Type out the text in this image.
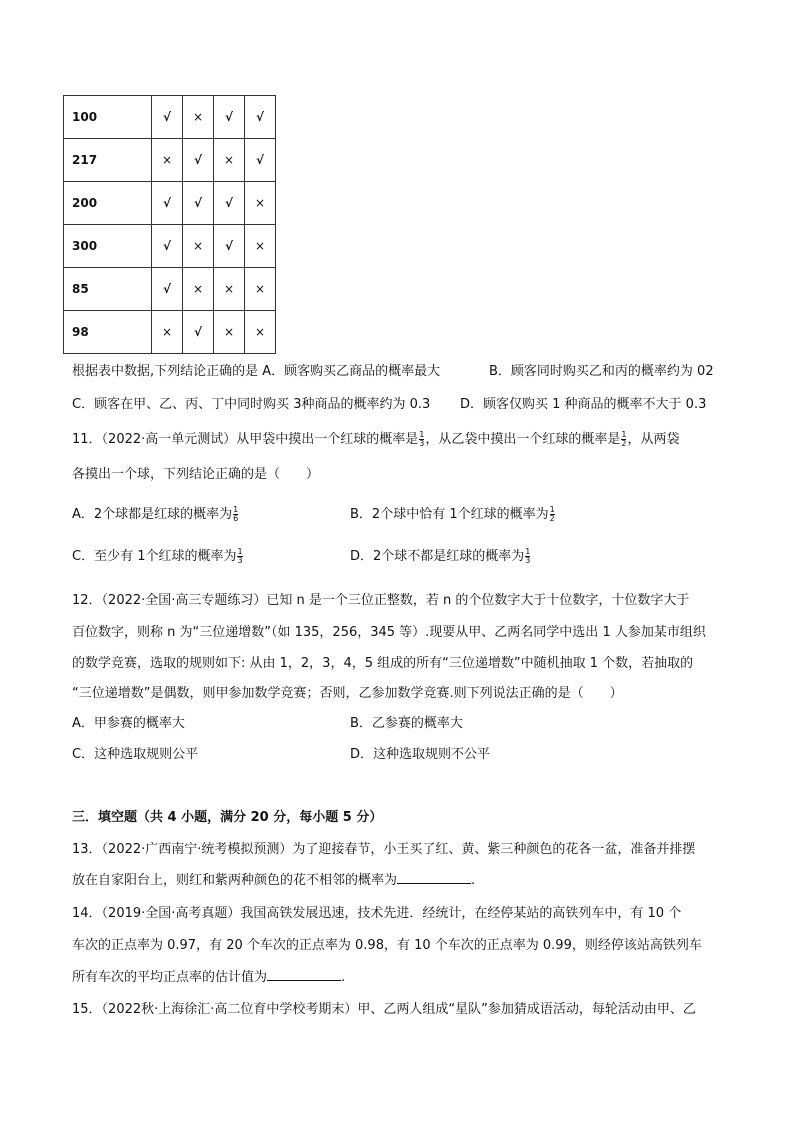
100	√	×	√	√
217	×	√	×	√
200	√	√	√	×
300	√	×	√	×
85	√	×	×	×
98	×	√	×	×
根据表中数据,下列结论正确的是 A．顾客购买乙商品的概率最大	B．顾客同时购买乙和丙的概率约为 02
C．顾客在甲、乙、丙、丁中同时购买 3种商品的概率约为 0.3 D．顾客仅购买 1 种商品的概率不大于 0.3
11．（2022·高一单元测试）从甲袋中摸出一个红球的概率是 $\frac{1}{3}$ ，从乙袋中摸出一个红球的概率是 $\frac{1}{2}$ ，从两袋
各摸出一个球，下列结论正确的是（　　）
A．2个球都是红球的概率为 $\frac{1}{6}$	B．2个球中恰有 1个红球的概率为 $\frac{1}{2}$
C．至少有 1个红球的概率为 $\frac{1}{3}$	D．2个球不都是红球的概率为 $\frac{1}{3}$
12．（2022·全国·高三专题练习）已知 n 是一个三位正整数，若 n 的个位数字大于十位数字，十位数字大于
百位数字，则称 n 为“三位递增数”（如 135，256，345 等）.现要从甲、乙两名同学中选出 1 人参加某市组织
的数学竞赛，选取的规则如下: 从由 1，2，3，4，5 组成的所有“三位递增数”中随机抽取 1 个数，若抽取的
“三位递增数”是偶数，则甲参加数学竞赛；否则，乙参加数学竞赛.则下列说法正确的是（　　）
A．甲参赛的概率大	B．乙参赛的概率大
C．这种选取规则公平	D．这种选取规则不公平
三．填空题（共 4 小题，满分 20 分，每小题 5 分）
13．（2022·广西南宁·统考模拟预测）为了迎接春节，小王买了红、黄、紫三种颜色的花各一盆，准备并排摆
放在自家阳台上，则红和紫两种颜色的花不相邻的概率为	.
14．（2019·全国·高考真题）我国高铁发展迅速，技术先进．经统计，在经停某站的高铁列车中，有 10 个
车次的正点率为 0.97，有 20 个车次的正点率为 0.98，有 10 个车次的正点率为 0.99，则经停该站高铁列车
所有车次的平均正点率的估计值为	.
15．（2022秋·上海徐汇·高二位育中学校考期末）甲、乙两人组成“星队”参加猜成语活动，每轮活动由甲、乙
